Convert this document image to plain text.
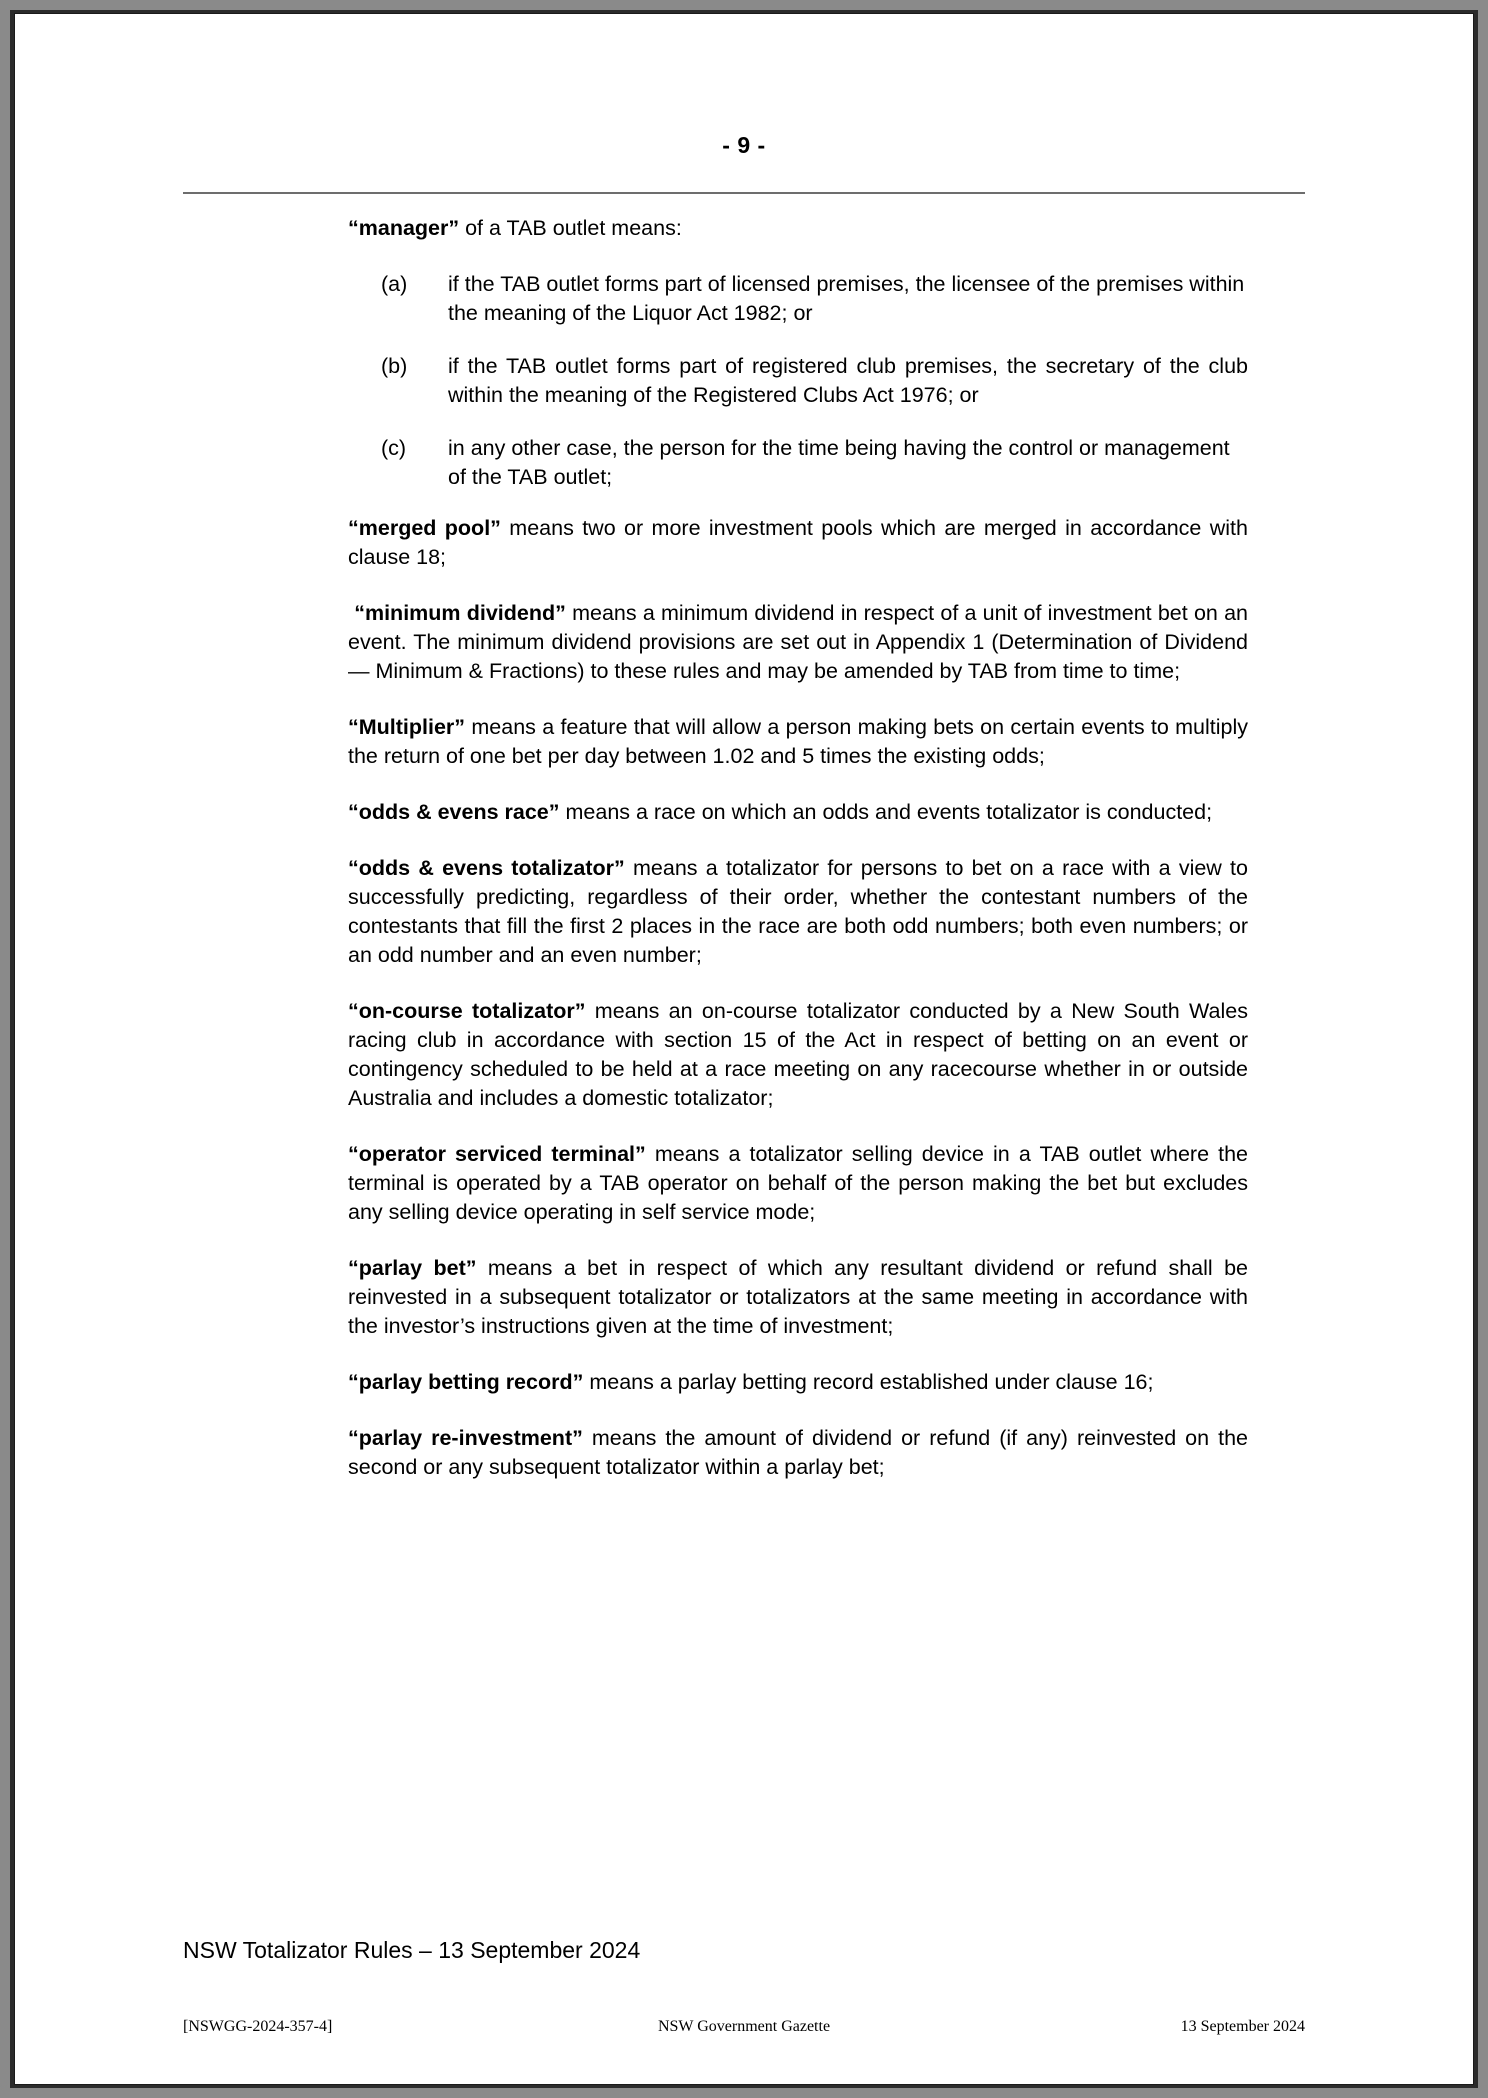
- 9 -

“manager” of a TAB outlet means:

(a)	if the TAB outlet forms part of licensed premises, the licensee of the premises within the meaning of the Liquor Act 1982; or
(b)	if the TAB outlet forms part of registered club premises, the secretary of the club within the meaning of the Registered Clubs Act 1976; or
(c)	in any other case, the person for the time being having the control or management of the TAB outlet;

“merged pool” means two or more investment pools which are merged in accordance with clause 18;

“minimum dividend” means a minimum dividend in respect of a unit of investment bet on an event. The minimum dividend provisions are set out in Appendix 1 (Determination of Dividend — Minimum & Fractions) to these rules and may be amended by TAB from time to time;

“Multiplier” means a feature that will allow a person making bets on certain events to multiply the return of one bet per day between 1.02 and 5 times the existing odds;

“odds & evens race” means a race on which an odds and events totalizator is conducted;

“odds & evens totalizator” means a totalizator for persons to bet on a race with a view to successfully predicting, regardless of their order, whether the contestant numbers of the contestants that fill the first 2 places in the race are both odd numbers; both even numbers; or an odd number and an even number;

“on-course totalizator” means an on-course totalizator conducted by a New South Wales racing club in accordance with section 15 of the Act in respect of betting on an event or contingency scheduled to be held at a race meeting on any racecourse whether in or outside Australia and includes a domestic totalizator;

“operator serviced terminal” means a totalizator selling device in a TAB outlet where the terminal is operated by a TAB operator on behalf of the person making the bet but excludes any selling device operating in self service mode;

“parlay bet” means a bet in respect of which any resultant dividend or refund shall be reinvested in a subsequent totalizator or totalizators at the same meeting in accordance with the investor’s instructions given at the time of investment;

“parlay betting record” means a parlay betting record established under clause 16;

“parlay re-investment” means the amount of dividend or refund (if any) reinvested on the second or any subsequent totalizator within a parlay bet;

NSW Totalizator Rules – 13 September 2024
[NSWGG-2024-357-4]	NSW Government Gazette	13 September 2024
